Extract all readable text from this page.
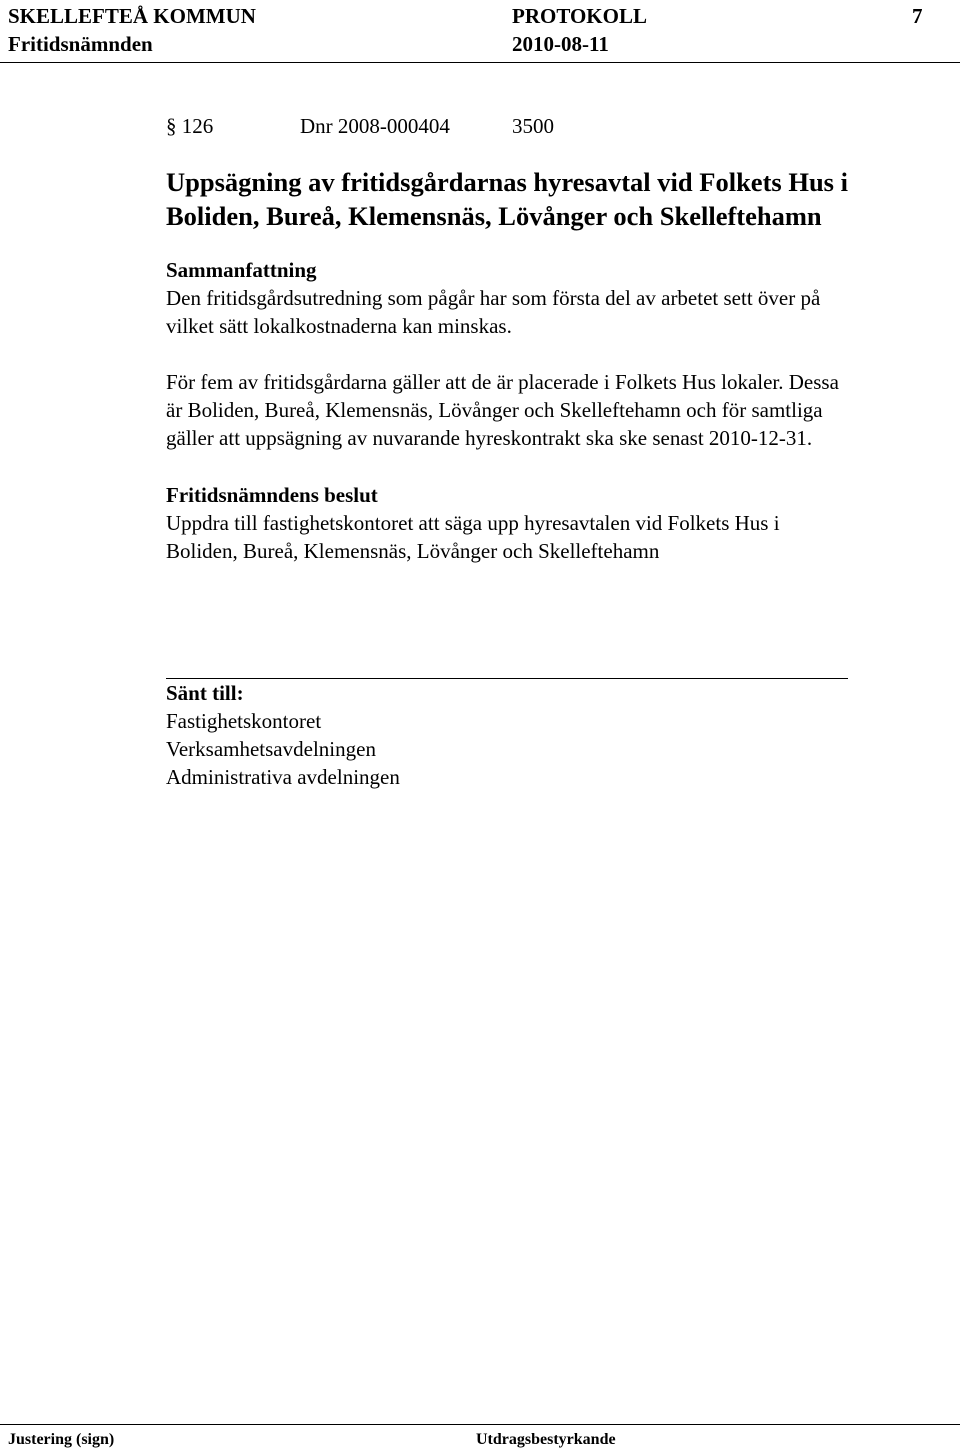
SKELLEFTEÅ KOMMUN
Fritidsnämnden
PROTOKOLL
2010-08-11
7
§ 126	Dnr 2008-000404	3500
Uppsägning av fritidsgårdarnas hyresavtal vid Folkets Hus i
Boliden, Bureå, Klemensnäs, Lövånger och Skelleftehamn
Sammanfattning
Den fritidsgårdsutredning som pågår har som första del av arbetet sett över på
vilket sätt lokalkostnaderna kan minskas.
För fem av fritidsgårdarna gäller att de är placerade i Folkets Hus lokaler. Dessa
är Boliden, Bureå, Klemensnäs, Lövånger och Skelleftehamn och för samtliga
gäller att uppsägning av nuvarande hyreskontrakt ska ske senast 2010-12-31.
Fritidsnämndens beslut
Uppdra till fastighetskontoret att säga upp hyresavtalen vid Folkets Hus i
Boliden, Bureå, Klemensnäs, Lövånger och Skelleftehamn
Sänt till:
Fastighetskontoret
Verksamhetsavdelningen
Administrativa avdelningen
Justering (sign)	Utdragsbestyrkande
